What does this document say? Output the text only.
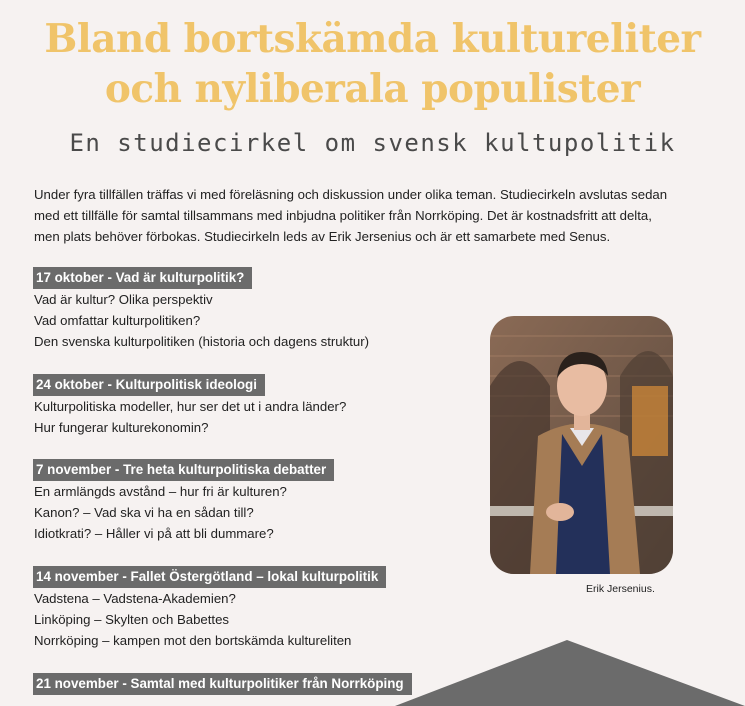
Bland bortskämda kultureliter
och nyliberala populister
En studiecirkel om svensk kultupolitik

Under fyra tillfällen träffas vi med föreläsning och diskussion under olika teman. Studiecirkeln avslutas sedan

med ett tillfälle för samtal tillsammans med inbjudna politiker från Norrköping. Det är kostnadsfritt att delta,

men plats behöver förbokas. Studiecirkeln leds av Erik Jersenius och är ett samarbete med Senus.

17 oktober - Vad är kulturpolitik?
Vad är kultur? Olika perspektiv
Vad omfattar kulturpolitiken?
Den svenska kulturpolitiken (historia och dagens struktur)
24 oktober - Kulturpolitisk ideologi
Kulturpolitiska modeller, hur ser det ut i andra länder?
Hur fungerar kulturekonomin?
7 november - Tre heta kulturpolitiska debatter
En armlängds avstånd – hur fri är kulturen?
Kanon? – Vad ska vi ha en sådan till?
Idiotkrati? – Håller vi på att bli dummare?
14 november - Fallet Östergötland – lokal kulturpolitik
Vadstena – Vadstena-Akademien?
Linköping – Skylten och Babettes
Norrköping – kampen mot den bortskämda kultureliten
21 november - Samtal med kulturpolitiker från Norrköping
Erik Jersenius.
